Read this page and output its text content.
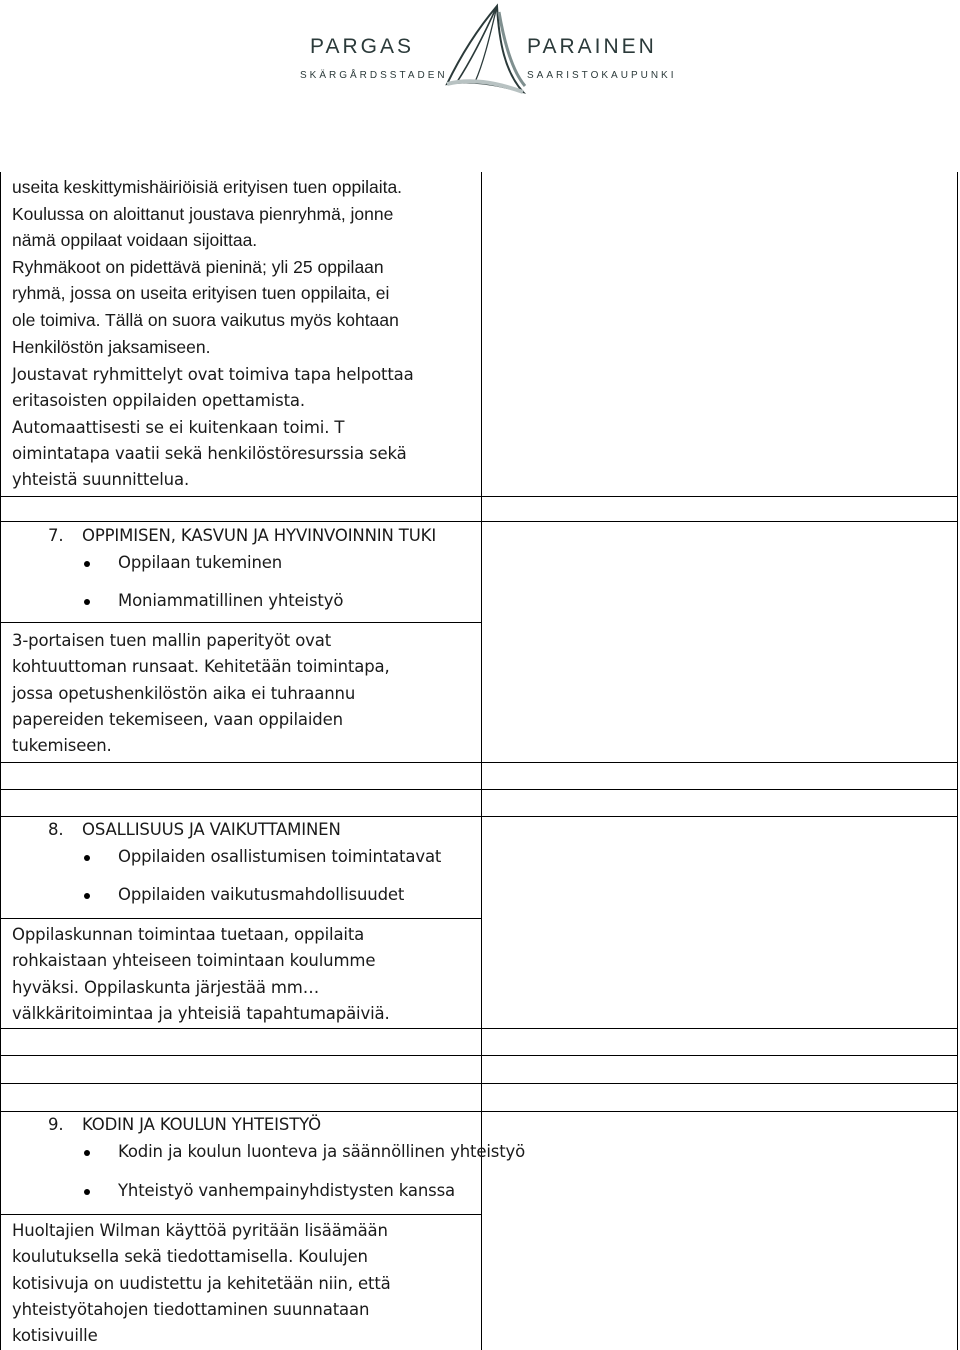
PARGAS
SKÄRGÅRDSSTADEN
PARAINEN
SAARISTOKAUPUNKI

useita keskittymishäiriöisiä erityisen tuen oppilaita.

Koulussa on aloittanut joustava pienryhmä, jonne

nämä oppilaat voidaan sijoittaa.

Ryhmäkoot on pidettävä pieninä; yli 25 oppilaan

ryhmä, jossa on useita erityisen tuen oppilaita, ei

ole toimiva. Tällä on suora vaikutus myös kohtaan

Henkilöstön jaksamiseen.

Joustavat ryhmittelyt ovat toimiva tapa helpottaa

eritasoisten oppilaiden opettamista.

Automaattisesti se ei kuitenkaan toimi. T

oimintatapa vaatii sekä henkilöstöresurssia sekä

yhteistä suunnittelua.

7. OPPIMISEN, KASVUN JA HYVINVOINNIN TUKI
Oppilaan tukeminen
Moniammatillinen yhteistyö

3-portaisen tuen mallin paperityöt ovat

kohtuuttoman runsaat. Kehitetään toimintapa,

jossa opetushenkilöstön aika ei tuhraannu

papereiden tekemiseen, vaan oppilaiden

tukemiseen.

8. OSALLISUUS JA VAIKUTTAMINEN
Oppilaiden osallistumisen toimintatavat
Oppilaiden vaikutusmahdollisuudet

Oppilaskunnan toimintaa tuetaan, oppilaita

rohkaistaan yhteiseen toimintaan koulumme

hyväksi. Oppilaskunta järjestää mm…

välkkäritoimintaa ja yhteisiä tapahtumapäiviä.

9. KODIN JA KOULUN YHTEISTYÖ
Kodin ja koulun luonteva ja säännöllinen yhteistyö
Yhteistyö vanhempainyhdistysten kanssa

Huoltajien Wilman käyttöä pyritään lisäämään

koulutuksella sekä tiedottamisella. Koulujen

kotisivuja on uudistettu ja kehitetään niin, että

yhteistyötahojen tiedottaminen suunnataan

kotisivuille
